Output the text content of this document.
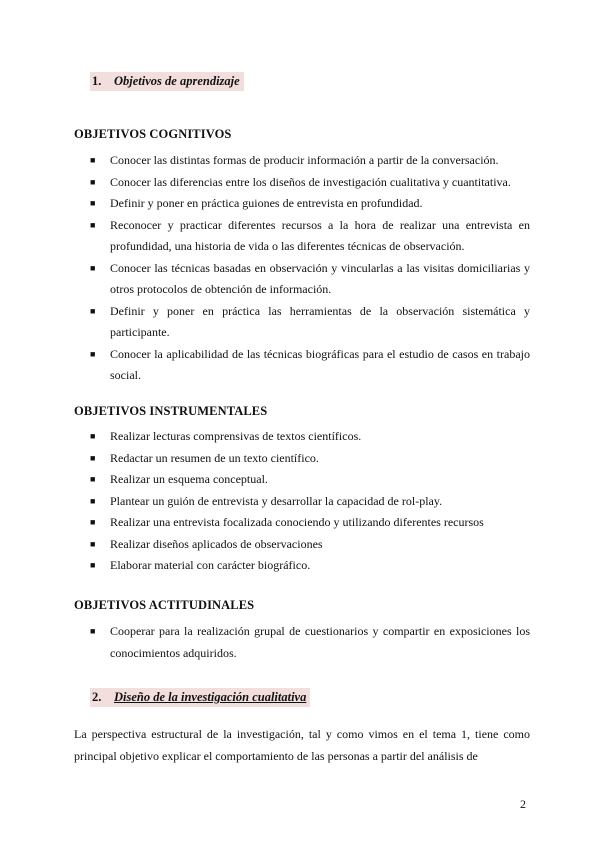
1. Objetivos de aprendizaje
OBJETIVOS COGNITIVOS
■ Conocer las distintas formas de producir información a partir de la conversación.
■ Conocer las diferencias entre los diseños de investigación cualitativa y cuantitativa.
■ Definir y poner en práctica guiones de entrevista en profundidad.
■ Reconocer y practicar diferentes recursos a la hora de realizar una entrevista en profundidad, una historia de vida o las diferentes técnicas de observación.
■ Conocer las técnicas basadas en observación y vincularlas a las visitas domiciliarias y otros protocolos de obtención de información.
■ Definir y poner en práctica las herramientas de la observación sistemática y participante.
■ Conocer la aplicabilidad de las técnicas biográficas para el estudio de casos en trabajo social.
OBJETIVOS INSTRUMENTALES
■ Realizar lecturas comprensivas de textos científicos.
■ Redactar un resumen de un texto científico.
■ Realizar un esquema conceptual.
■ Plantear un guión de entrevista y desarrollar la capacidad de rol-play.
■ Realizar una entrevista focalizada conociendo y utilizando diferentes recursos
■ Realizar diseños aplicados de observaciones
■ Elaborar material con carácter biográfico.
OBJETIVOS ACTITUDINALES
■ Cooperar para la realización grupal de cuestionarios y compartir en exposiciones los conocimientos adquiridos.
2. Diseño de la investigación cualitativa

La perspectiva estructural de la investigación, tal y como vimos en el tema 1, tiene como principal objetivo explicar el comportamiento de las personas a partir del análisis de

2
